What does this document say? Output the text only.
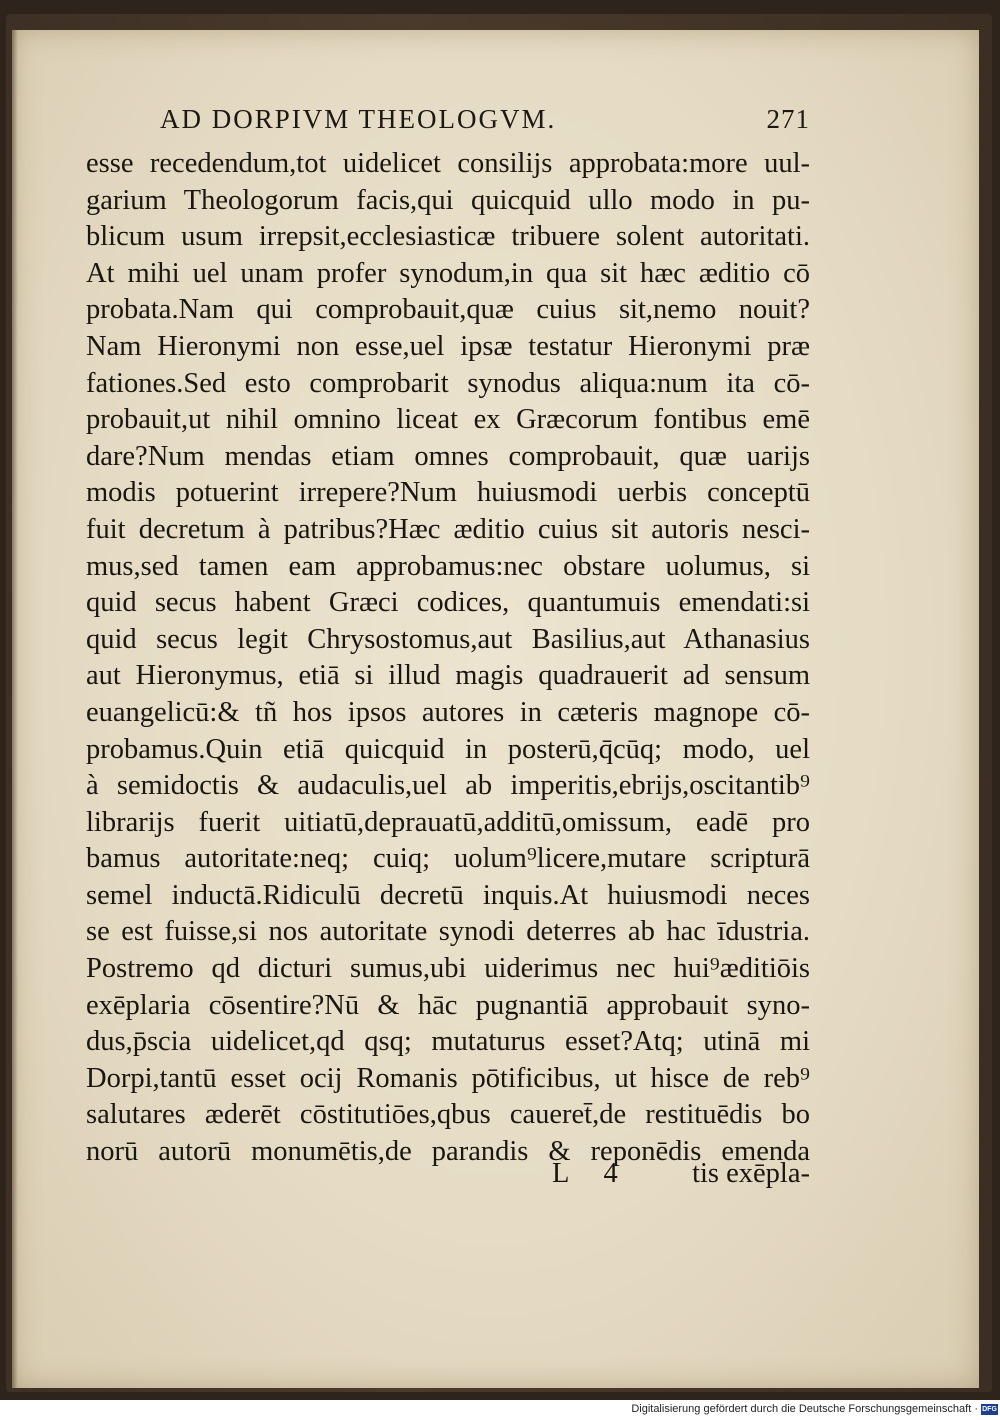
AD DORPIVM THEOLOGVM.	271
esse recedendum,tot uidelicet consilijs approbata:more uul-
garium Theologorum facis,qui quicquid ullo modo in pu-
blicum usum irrepsit,ecclesiasticæ tribuere solent autoritati.
At mihi uel unam profer synodum,in qua sit hæc æditio cō
probata.Nam qui comprobauit,quæ cuius sit,nemo nouit?
Nam Hieronymi non esse,uel ipsæ testatur Hieronymi præ
fationes.Sed esto comprobarit synodus aliqua:num ita cō-
probauit,ut nihil omnino liceat ex Græcorum fontibus emē
dare?Num mendas etiam omnes comprobauit, quæ uarijs
modis potuerint irrepere?Num huiusmodi uerbis conceptū
fuit decretum à patribus?Hæc æditio cuius sit autoris nesci-
mus,sed tamen eam approbamus:nec obstare uolumus, si
quid secus habent Græci codices, quantumuis emendati:si
quid secus legit Chrysostomus,aut Basilius,aut Athanasius
aut Hieronymus, etiā si illud magis quadrauerit ad sensum
euangelicū:& tñ hos ipsos autores in cæteris magnope cō-
probamus.Quin etiā quicquid in posterū,q̄cūq; modo, uel
à semidoctis & audaculis,uel ab imperitis,ebrijs,oscitantib⁹
librarijs fuerit uitiatū,deprauatū,additū,omissum, eadē pro
bamus autoritate:neq; cuiq; uolum⁹licere,mutare scripturā
semel inductā.Ridiculū decretū inquis.At huiusmodi neces
se est fuisse,si nos autoritate synodi deterres ab hac īdustria.
Postremo qd dicturi sumus,ubi uiderimus nec hui⁹æditiōis
exēplaria cōsentire?Nū & hāc pugnantiā approbauit syno-
dus,p̄scia uidelicet,qd qsq; mutaturus esset?Atq; utinā mi
Dorpi,tantū esset ocij Romanis pōtificibus, ut hisce de reb⁹
salutares æderēt cōstitutiōes,qbus caueret̄,de restituēdis bo
norū autorū monumētis,de parandis & reponēdis emenda
L 4 tis exēpla-
Digitalisierung gefördert durch die Deutsche Forschungsgemeinschaft · DFG
